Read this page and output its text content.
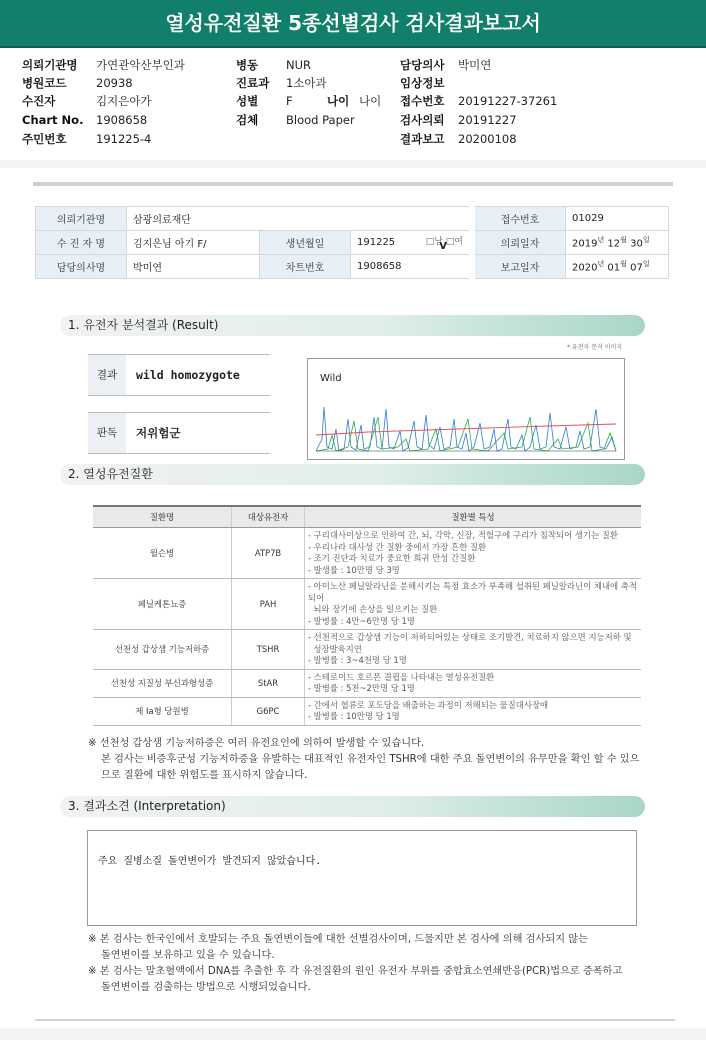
열성유전질환 5종선별검사 검사결과보고서
의뢰기관명 가연관악산부인과
병원코드	20938
수진자	김지은아가
Chart No. 1908658
주민번호	191225-4
병동 NUR
진료과 1소아과
성별 F	나이 나이
검체 Blood Paper
담당의사 박미연
임상정보
접수번호 20191227-37261
검사의뢰 20191227
결과보고 20200108
의뢰기관명	삼광의료재단			접수번호	01029
수 진 자 명	김지은님 아기 F/	생년월일	191225 □남 □여
V	의뢰일자	$2019^년$ $12^월$ $30^일$
담당의사명	박미연	차트번호	1908658	보고일자	$2020^년$ $01^월$ $07^일$
1. 유전자 분석결과 (Result)
* 유전자 분석 이미지
결과	wild homozygote
판독	저위험군
Wild
2. 열성유전질환
질환명	대상유전자	질환별 특성
윌슨병	ATP7B	- 구리대사이상으로 인하여 간, 뇌, 각막, 신장, 적혈구에 구리가 침착되어 생기는 질환
- 우리나라 대사성 간 질환 중에서 가장 흔한 질환
- 조기 진단과 치료가 중요한 희귀 만성 간질환
- 발생률 : 10만명 당 3명

페닐케톤뇨증	PAH	- 아미노산 페닐알라닌을 분해시키는 특정 효소가 부족해 섭취된 페닐알라닌이 체내에 축적되어
뇌와 장기에 손상을 일으키는 질환
- 발병률 : 4만~6만명 당 1명

선천성 갑상샘 기능저하증	TSHR	- 선천적으로 갑상샘 기능이 저하되어있는 상태로 조기발견, 치료하지 않으면 지능저하 및
성장발육지연
- 발병률 : 3~4천명 당 1명

선천성 지질성 부신과형성증	StAR	- 스테로이드 호르몬 결핍을 나타내는 열성유전질환
- 발병률 : 5천~2만명 당 1명

제 Ia형 당원병	G6PC	- 간에서 혈류로 포도당을 배출하는 과정이 저해되는 물질대사장애
- 발병률 : 10만명 당 1명
※ 선천성 갑상샘 기능저하증은 여러 유전요인에 의하여 발생할 수 있습니다.
본 검사는 비증후군성 기능저하증을 유발하는 대표적인 유전자인 TSHR에 대한 주요 돌연변이의 유무만을 확인 할 수 있으
므로 질환에 대한 위험도를 표시하지 않습니다.
3. 결과소견 (Interpretation)
주요 질병소질 돌연변이가 발견되지 않았습니다.
※ 본 검사는 한국인에서 호발되는 주요 돌연변이들에 대한 선별검사이며, 드물지만 본 검사에 의해 검사되지 않는
돌연변이를 보유하고 있을 수 있습니다.
※ 본 검사는 말초혈액에서 DNA를 추출한 후 각 유전질환의 원인 유전자 부위를 중합효소연쇄반응(PCR)법으로 증폭하고
돌연변이를 검출하는 방법으로 시행되었습니다.
